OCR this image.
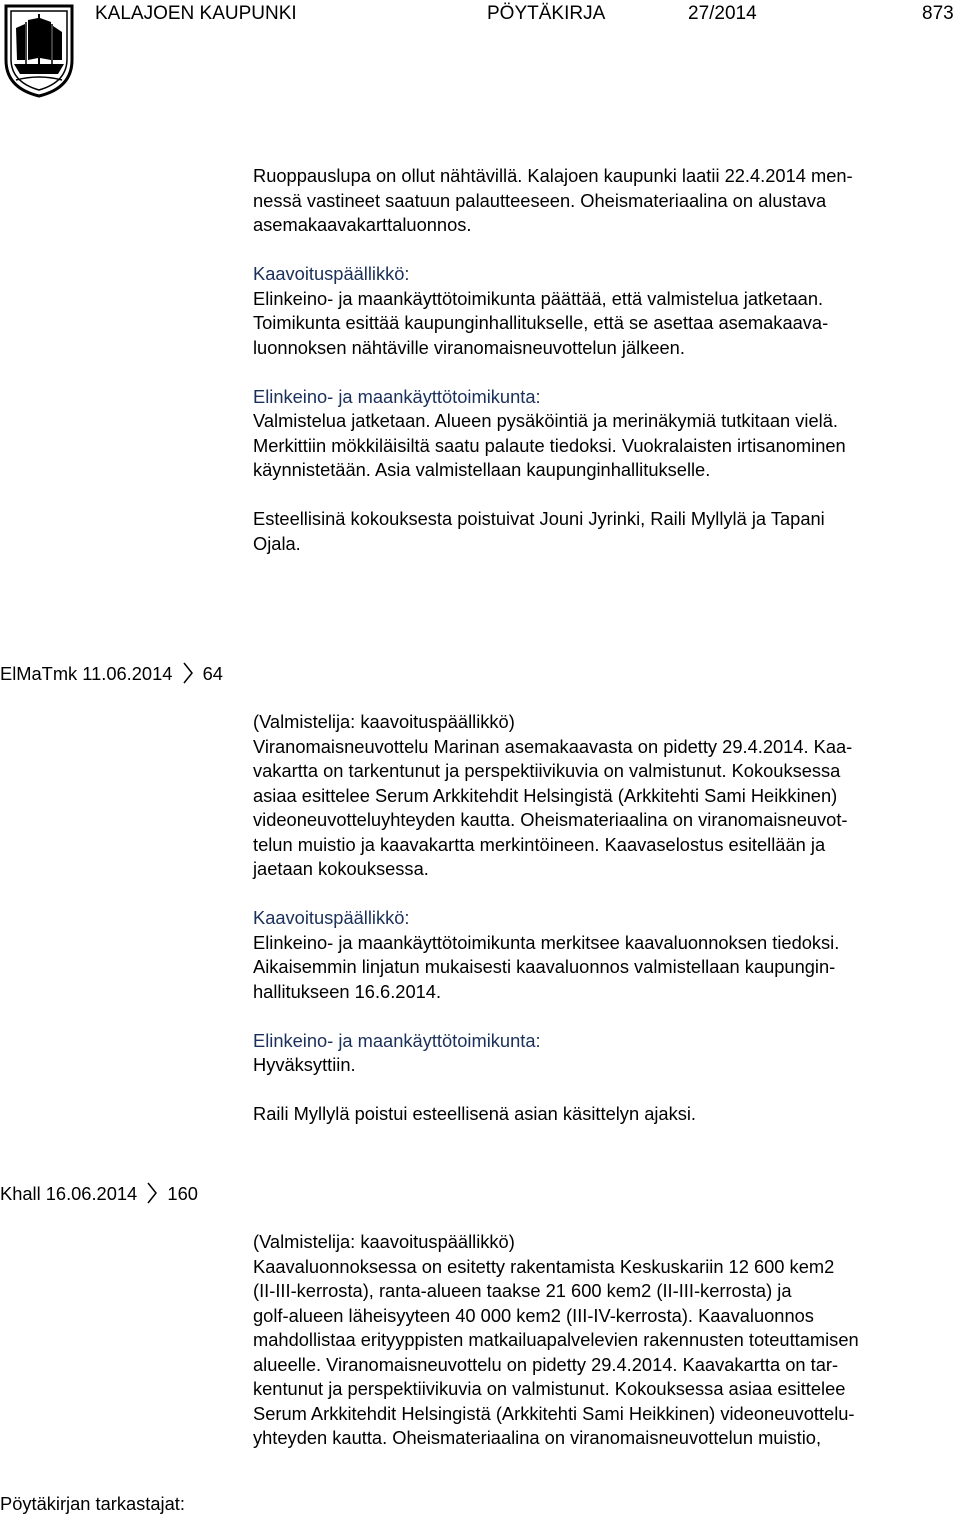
KALAJOEN KAUPUNKI	PÖYTÄKIRJA	27/2014	873

Ruoppauslupa on ollut nähtävillä. Kalajoen kaupunki laatii 22.4.2014 men-
nessä vastineet saatuun palautteeseen. Oheismateriaalina on alustava
asemakaavakarttaluonnos.

Kaavoituspäällikkö:

Elinkeino- ja maankäyttötoimikunta päättää, että valmistelua jatketaan.
Toimikunta esittää kaupunginhallitukselle, että se asettaa asemakaava-
luonnoksen nähtäville viranomaisneuvottelun jälkeen.

Elinkeino- ja maankäyttötoimikunta:

Valmistelua jatketaan. Alueen pysäköintiä ja merinäkymiä tutkitaan vielä.
Merkittiin mökkiläisiltä saatu palaute tiedoksi. Vuokralaisten irtisanominen
käynnistetään. Asia valmistellaan kaupunginhallitukselle.

Esteellisinä kokouksesta poistuivat Jouni Jyrinki, Raili Myllylä ja Tapani
Ojala.

ElMaTmk 11.06.2014 64

(Valmistelija: kaavoituspäällikkö)

Viranomaisneuvottelu Marinan asemakaavasta on pidetty 29.4.2014. Kaa-
vakartta on tarkentunut ja perspektiivikuvia on valmistunut. Kokouksessa
asiaa esittelee Serum Arkkitehdit Helsingistä (Arkkitehti Sami Heikkinen)
videoneuvotteluyhteyden kautta. Oheismateriaalina on viranomaisneuvot-
telun muistio ja kaavakartta merkintöineen. Kaavaselostus esitellään ja
jaetaan kokouksessa.

Kaavoituspäällikkö:

Elinkeino- ja maankäyttötoimikunta merkitsee kaavaluonnoksen tiedoksi.
Aikaisemmin linjatun mukaisesti kaavaluonnos valmistellaan kaupungin-
hallitukseen 16.6.2014.

Elinkeino- ja maankäyttötoimikunta:

Hyväksyttiin.

Raili Myllylä poistui esteellisenä asian käsittelyn ajaksi.

Khall 16.06.2014 160

(Valmistelija: kaavoituspäällikkö)

Kaavaluonnoksessa on esitetty rakentamista Keskuskariin 12 600 kem2
(II-III-kerrosta), ranta-alueen taakse 21 600 kem2 (II-III-kerrosta) ja
golf-alueen läheisyyteen 40 000 kem2 (III-IV-kerrosta). Kaavaluonnos
mahdollistaa erityyppisten matkailuapalvelevien rakennusten toteuttamisen
alueelle. Viranomaisneuvottelu on pidetty 29.4.2014. Kaavakartta on tar-
kentunut ja perspektiivikuvia on valmistunut. Kokouksessa asiaa esittelee
Serum Arkkitehdit Helsingistä (Arkkitehti Sami Heikkinen) videoneuvottelu-
yhteyden kautta. Oheismateriaalina on viranomaisneuvottelun muistio,

Pöytäkirjan tarkastajat:
